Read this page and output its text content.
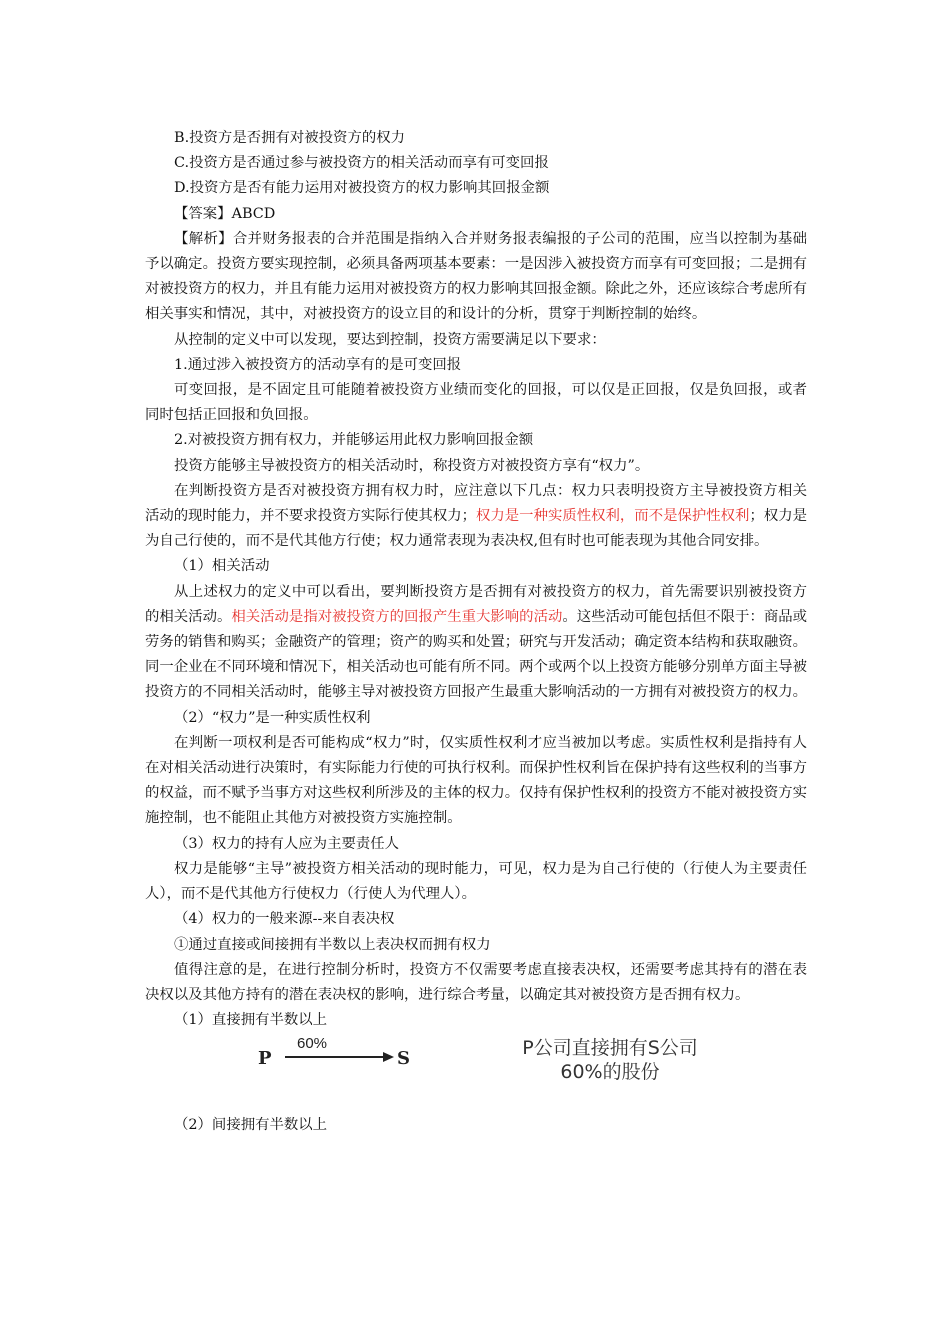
B.投资方是否拥有对被投资方的权力

C.投资方是否通过参与被投资方的相关活动而享有可变回报

D.投资方是否有能力运用对被投资方的权力影响其回报金额

【答案】ABCD

【解析】合并财务报表的合并范围是指纳入合并财务报表编报的子公司的范围，应当以控制为基础予以确定。投资方要实现控制，必须具备两项基本要素：一是因涉入被投资方而享有可变回报；二是拥有对被投资方的权力，并且有能力运用对被投资方的权力影响其回报金额。除此之外，还应该综合考虑所有相关事实和情况，其中，对被投资方的设立目的和设计的分析，贯穿于判断控制的始终。

从控制的定义中可以发现，要达到控制，投资方需要满足以下要求：

1.通过涉入被投资方的活动享有的是可变回报

可变回报，是不固定且可能随着被投资方业绩而变化的回报，可以仅是正回报，仅是负回报，或者同时包括正回报和负回报。

2.对被投资方拥有权力，并能够运用此权力影响回报金额

投资方能够主导被投资方的相关活动时，称投资方对被投资方享有“权力”。

在判断投资方是否对被投资方拥有权力时，应注意以下几点：权力只表明投资方主导被投资方相关活动的现时能力，并不要求投资方实际行使其权力；权力是一种实质性权利，而不是保护性权利；权力是为自己行使的，而不是代其他方行使；权力通常表现为表决权,但有时也可能表现为其他合同安排。

（1）相关活动

从上述权力的定义中可以看出，要判断投资方是否拥有对被投资方的权力，首先需要识别被投资方的相关活动。相关活动是指对被投资方的回报产生重大影响的活动。这些活动可能包括但不限于：商品或劳务的销售和购买；金融资产的管理；资产的购买和处置；研究与开发活动；确定资本结构和获取融资。同一企业在不同环境和情况下，相关活动也可能有所不同。两个或两个以上投资方能够分别单方面主导被投资方的不同相关活动时，能够主导对被投资方回报产生最重大影响活动的一方拥有对被投资方的权力。

（2）“权力”是一种实质性权利

在判断一项权利是否可能构成“权力”时，仅实质性权利才应当被加以考虑。实质性权利是指持有人在对相关活动进行决策时，有实际能力行使的可执行权利。而保护性权利旨在保护持有这些权利的当事方的权益，而不赋予当事方对这些权利所涉及的主体的权力。仅持有保护性权利的投资方不能对被投资方实施控制，也不能阻止其他方对被投资方实施控制。

（3）权力的持有人应为主要责任人

权力是能够“主导”被投资方相关活动的现时能力，可见，权力是为自己行使的（行使人为主要责任人），而不是代其他方行使权力（行使人为代理人）。

（4）权力的一般来源--来自表决权

①通过直接或间接拥有半数以上表决权而拥有权力

值得注意的是，在进行控制分析时，投资方不仅需要考虑直接表决权，还需要考虑其持有的潜在表决权以及其他方持有的潜在表决权的影响，进行综合考量，以确定其对被投资方是否拥有权力。

（1）直接拥有半数以上

P
60%
S	P公司直接拥有S公司
60%的股份

（2）间接拥有半数以上
